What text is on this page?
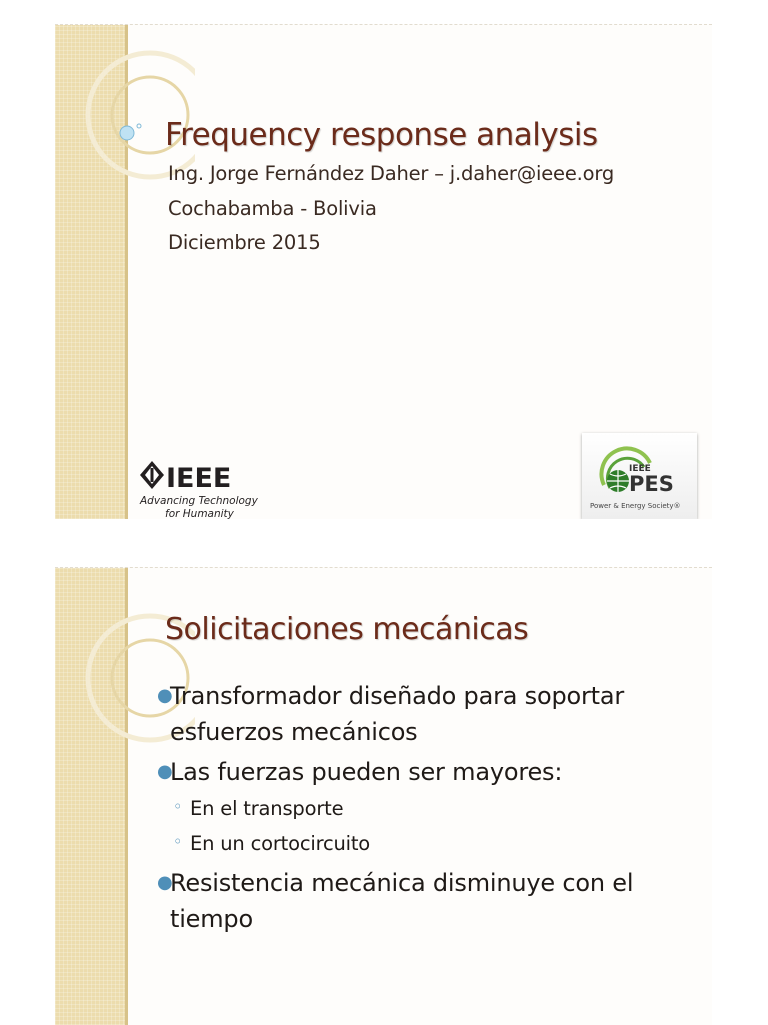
Frequency response analysis
Ing. Jorge Fernández Daher – j.daher@ieee.org
Cochabamba - Bolivia
Diciembre 2015
IEEE
Advancing Technology
for Humanity
IEEE
PES
Power & Energy Society®
Solicitaciones mecánicas
●
Transformador diseñado para soportar
esfuerzos mecánicos
●
Las fuerzas pueden ser mayores:
◦ En el transporte
◦ En un cortocircuito
●
Resistencia mecánica disminuye con el
tiempo
